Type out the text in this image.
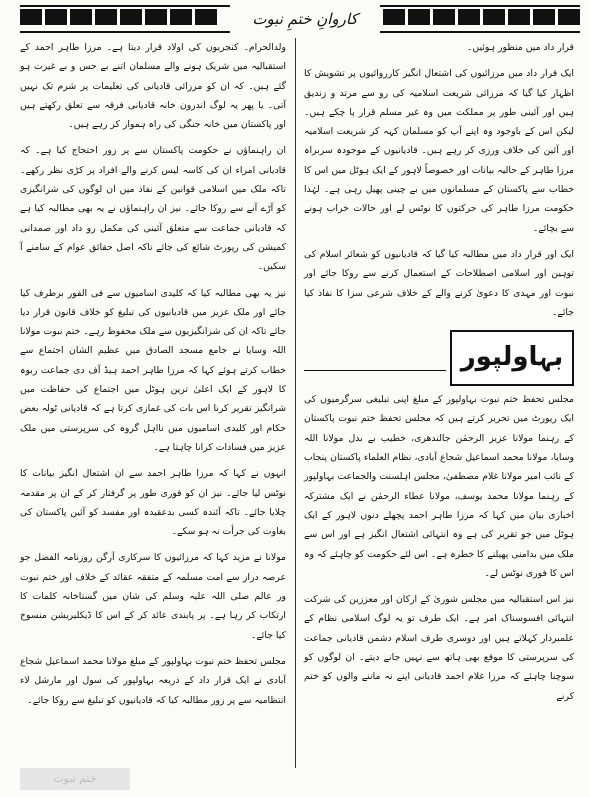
کاروانِ ختمِ نبوت

قرار داد میں منظور ہوئیں۔

ایک قرار داد میں مرزائیوں کی اشتعال انگیز کارروائیوں پر تشویش کا اظہار کیا گیا کہ مرزائی شریعت اسلامیہ کی رو سے مرتد و زندیق ہیں اور آئینی طور پر مملکت میں وہ غیر مسلم قرار پا چکے ہیں۔ لیکن اس کے باوجود وہ اپنے آپ کو مسلمان کہہ کر شریعت اسلامیہ اور آئین کی خلاف ورزی کر رہے ہیں۔ قادیانیوں کے موجودہ سربراہ مرزا طاہر کے حالیہ بیانات اور خصوصاً لاہور کے ایک ہوٹل میں اس کا خطاب سے پاکستان کے مسلمانوں میں بے چینی پھیل رہی ہے۔ لہٰذا حکومت مرزا طاہر کی حرکتوں کا نوٹس لے اور حالات خراب ہونے سے بچائے۔

ایک اور قرار داد میں مطالبہ کیا گیا کہ قادیانیوں کو شعائر اسلام کی توہین اور اسلامی اصطلاحات کے استعمال کرنے سے روکا جائے اور نبوت اور مہدی کا دعویٰ کرنے والے کے خلاف شرعی سزا کا نفاذ کیا جائے۔

بہاولپور

مجلس تحفظ ختم نبوت بہاولپور کے مبلغ اپنی تبلیغی سرگرمیوں کی ایک رپورٹ میں تحریر کرتے ہیں کہ مجلس تحفظ ختم نبوت پاکستان کے رہنما مولانا عزیز الرحمٰن جالندھری، خطیب بے بدل مولانا اللہ وسایا، مولانا محمد اسماعیل شجاع آبادی، نظام العلماء پاکستان پنجاب کے نائب امیر مولانا غلام مصطفیٰ، مجلس اہلسنت والجماعت بہاولپور کے رہنما مولانا محمد یوسف، مولانا عطاء الرحمٰن نے ایک مشترکہ اخباری بیان میں کہا کہ مرزا طاہر احمد پچھلے دنوں لاہور کے ایک ہوٹل میں جو تقریر کی ہے وہ انتہائی اشتعال انگیز ہے اور اس سے ملک میں بدامنی پھیلنے کا خطرہ ہے۔ اس لئے حکومت کو چاہئے کہ وہ اس کا فوری نوٹس لے۔

نیز اس استقبالیہ میں مجلس شوریٰ کے ارکان اور معززین کی شرکت انتہائی افسوسناک امر ہے۔ ایک طرف تو یہ لوگ اسلامی نظام کے علمبردار کہلاتے ہیں اور دوسری طرف اسلام دشمن قادیانی جماعت کی سرپرستی کا موقع بھی ہاتھ سے نہیں جانے دیتے۔ ان لوگوں کو سوچنا چاہئے کہ مرزا غلام احمد قادیانی اپنے نہ ماننے والوں کو ختم کرنے

ولدالحرام۔ کنجریوں کی اولاد قرار دیتا ہے۔ مرزا طاہر احمد کے استقبالیہ میں شریک ہونے والے مسلمان اتنے بے حس و بے غیرت ہو گئے ہیں۔ کہ ان کو مرزائی قادیانی کی تعلیمات پر شرم تک نہیں آتی۔ یا پھر یہ لوگ اندرون خانہ قادیانی فرقہ سے تعلق رکھتے ہیں اور پاکستان میں خانہ جنگی کی راہ ہموار کر رہے ہیں۔

ان راہنماؤں نے حکومت پاکستان سے پر زور احتجاج کیا ہے۔ کہ قادیانی امراء ان کی کاسہ لیس کرنے والے افراد پر کڑی نظر رکھے۔ تاکہ ملک میں اسلامی قوانین کے نفاذ میں ان لوگوں کی شرانگیزی کو آڑے آنے سے روکا جائے۔ نیز ان راہنماؤں نے یہ بھی مطالبہ کیا ہے کہ قادیانی جماعت سے متعلق آئینی کی مکمل رو داد اور صمدانی کمیشن کی رپورٹ شائع کی جائے تاکہ اصل حقائق عوام کے سامنے آ سکیں۔

نیز یہ بھی مطالبہ کیا کہ کلیدی اسامیوں سے فی الفور برطرف کیا جائے اور ملک عزیز میں قادیانیوں کی تبلیغ کو خلاف قانون قرار دیا جائے تاکہ ان کی شرانگیزیوں سے ملک محفوظ رہے۔ ختم نبوت مولانا اللہ وسایا نے جامع مسجد الصادق میں عظیم الشان اجتماع سے خطاب کرتے ہوئے کہا کہ مرزا طاہر احمد ہیڈ آف دی جماعت ربوہ کا لاہور کے ایک اعلیٰ ترین ہوٹل میں اجتماع کی حفاظت میں شرانگیز تقریر کرنا اس بات کی غمازی کرتا ہے کہ قادیانی ٹولہ بعض حکام اور کلیدی اسامیوں میں نااہل گروہ کی سرپرستی میں ملک عزیز میں فسادات کرانا چاہتا ہے۔

انہوں نے کہا کہ مرزا طاہر احمد سے ان اشتعال انگیز بیانات کا نوٹس لیا جائے۔ نیز ان کو فوری طور پر گرفتار کر کے ان پر مقدمہ چلایا جائے۔ تاکہ آئندہ کسی بدعقیدہ اور مفسد کو آئین پاکستان کی بغاوت کی جرأت نہ ہو سکے۔

مولانا نے مزید کہا کہ مرزائیوں کا سرکاری آرگن روزنامہ الفضل جو عرصہ دراز سے امت مسلمہ کے متفقہ عقائد کے خلاف اور ختم نبوت ور عالم صلی اللہ علیہ وسلم کی شان میں گستاخانہ کلمات کا ارتکاب کر رہا ہے۔ پر پابندی عائد کر کے اس کا ڈیکلیریشن منسوخ کیا جائے۔

مجلس تحفظ ختم نبوت بہاولپور کے مبلغ مولانا محمد اسماعیل شجاع آبادی نے ایک قرار داد کے ذریعہ بہاولپور کی سول اور مارشل لاء انتظامیہ سے پر زور مطالبہ کیا کہ قادیانیوں کو تبلیغ سے روکا جائے۔

ختم نبوت
